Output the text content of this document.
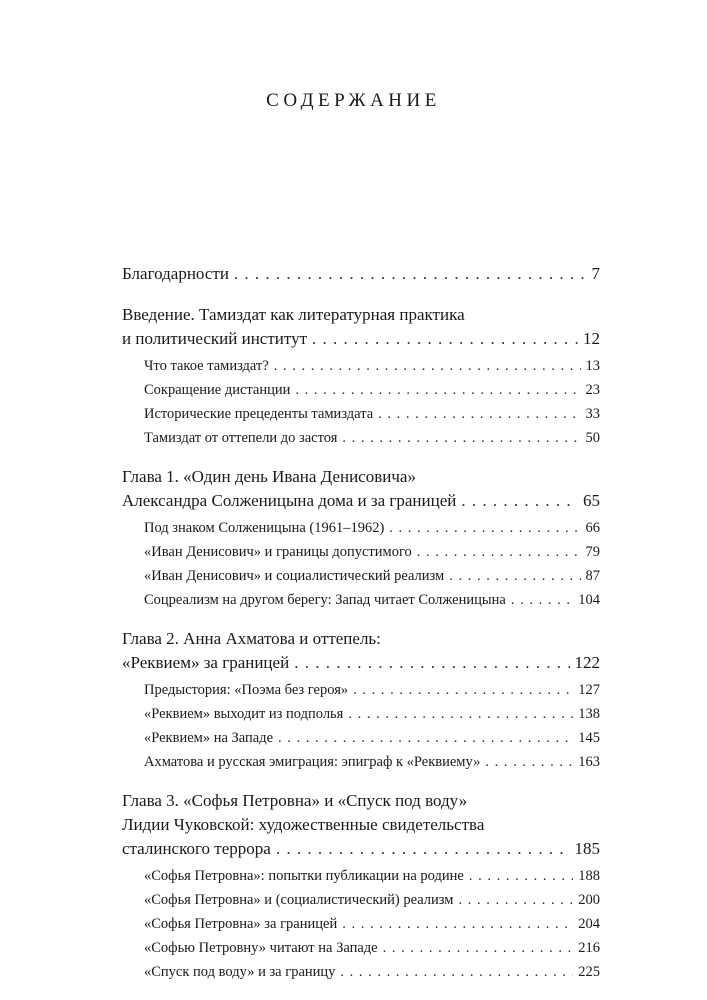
СОДЕРЖАНИЕ
Благодарности . . .	7
Введение. Тамиздат как литературная практика
и политический институт . . .	12
Что такое тамиздат? . . .	13
Сокращение дистанции . . .	23
Исторические прецеденты тамиздата . . .	33
Тамиздат от оттепели до застоя . . .	50
Глава 1. «Один день Ивана Денисовича»
Александра Солженицына дома и за границей . . .	65
Под знаком Солженицына (1961–1962) . . .	66
«Иван Денисович» и границы допустимого . . .	79
«Иван Денисович» и социалистический реализм . . .	87
Соцреализм на другом берегу: Запад читает Солженицына . . .	104
Глава 2. Анна Ахматова и оттепель:
«Реквием» за границей . . .	122
Предыстория: «Поэма без героя» . . .	127
«Реквием» выходит из подполья . . .	138
«Реквием» на Западе . . .	145
Ахматова и русская эмиграция: эпиграф к «Реквиему» . . .	163
Глава 3. «Софья Петровна» и «Спуск под воду»
Лидии Чуковской: художественные свидетельства
сталинского террора . . .	185
«Софья Петровна»: попытки публикации на родине . . .	188
«Софья Петровна» и (социалистический) реализм . . .	200
«Софья Петровна» за границей . . .	204
«Софью Петровну» читают на Западе . . .	216
«Спуск под воду» и за границу . . .	225
